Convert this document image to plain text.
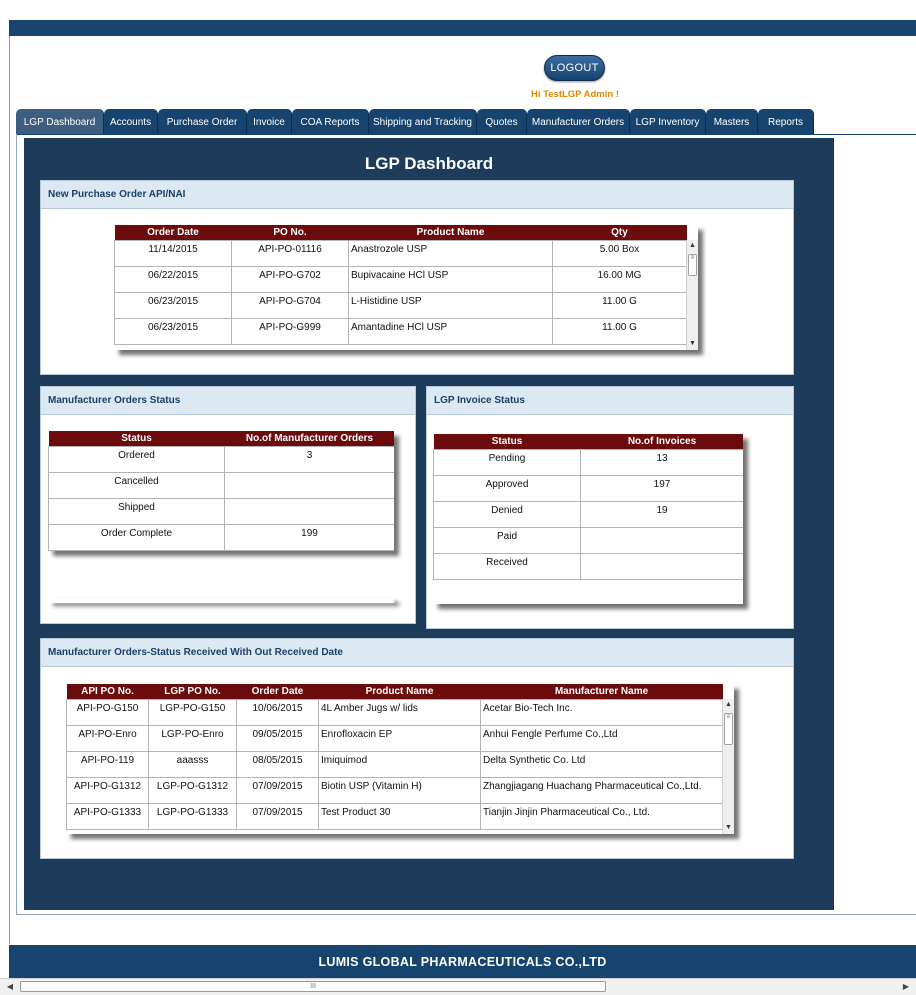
LOGOUT
Hi TestLGP Admin !
LGP Dashboard	Accounts	Purchase Order	Invoice	COA Reports	Shipping and Tracking	Quotes	Manufacturer Orders	LGP Inventory	Masters	Reports
LGP Dashboard
New Purchase Order API/NAI
Order Date	PO No.	Product Name	Qty
11/14/2015	API-PO-01116	Anastrozole USP	5.00 Box
06/22/2015	API-PO-G702	Bupivacaine HCl USP	16.00 MG
06/23/2015	API-PO-G704	L-Histidine USP	11.00 G
06/23/2015	API-PO-G999	Amantadine HCl USP	11.00 G
▲
≡
▼
Manufacturer Orders Status
Status	No.of Manufacturer Orders
Ordered	3
Cancelled	
Shipped	
Order Complete	199
LGP Invoice Status
Status	No.of Invoices
Pending	13
Approved	197
Denied	19
Paid	
Received	
Manufacturer Orders-Status Received With Out Received Date
API PO No.	LGP PO No.	Order Date	Product Name	Manufacturer Name
API-PO-G150	LGP-PO-G150	10/06/2015	4L Amber Jugs w/ lids	Acetar Bio-Tech Inc.
API-PO-Enro	LGP-PO-Enro	09/05/2015	Enrofloxacin EP	Anhui Fengle Perfume Co.,Ltd
API-PO-119	aaasss	08/05/2015	Imiquimod	Delta Synthetic Co. Ltd
API-PO-G1312	LGP-PO-G1312	07/09/2015	Biotin USP (Vitamin H)	Zhangjiagang Huachang Pharmaceutical Co.,Ltd.
API-PO-G1333	LGP-PO-G1333	07/09/2015	Test Product 30	Tianjin Jinjin Pharmaceutical Co., Ltd.
▲
≡
▼
LUMIS GLOBAL PHARMACEUTICALS CO.,LTD
◀	III	▶
